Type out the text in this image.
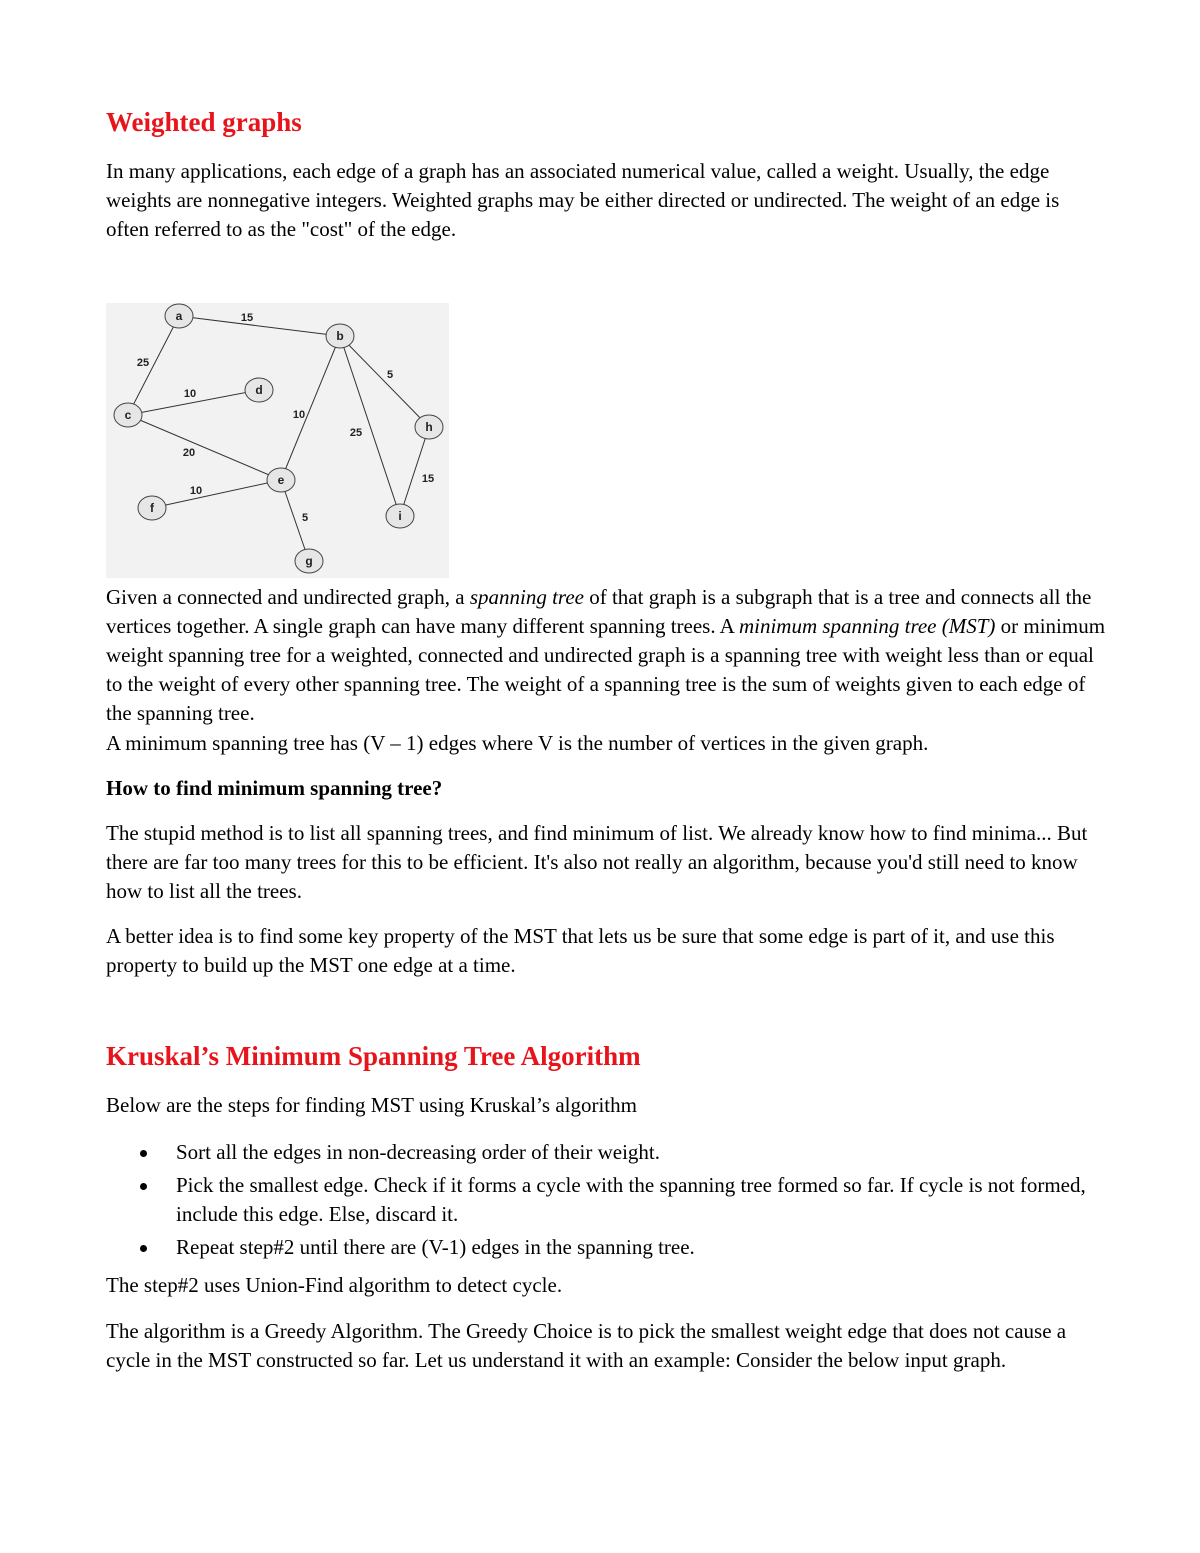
Weighted graphs

In many applications, each edge of a graph has an associated numerical value, called a weight. Usually, the edge weights are nonnegative integers. Weighted graphs may be either directed or undirected. The weight of an edge is often referred to as the "cost" of the edge.

15
25
10
20
10
5
25
15
10
5
a
b
c
d
e
f
g
h
i

Given a connected and undirected graph, a spanning tree of that graph is a subgraph that is a tree and connects all the vertices together. A single graph can have many different spanning trees. A minimum spanning tree (MST) or minimum weight spanning tree for a weighted, connected and undirected graph is a spanning tree with weight less than or equal to the weight of every other spanning tree. The weight of a spanning tree is the sum of weights given to each edge of the spanning tree.

A minimum spanning tree has (V – 1) edges where V is the number of vertices in the given graph.

How to find minimum spanning tree?

The stupid method is to list all spanning trees, and find minimum of list. We already know how to find minima... But there are far too many trees for this to be efficient. It's also not really an algorithm, because you'd still need to know how to list all the trees.

A better idea is to find some key property of the MST that lets us be sure that some edge is part of it, and use this property to build up the MST one edge at a time.

Kruskal’s Minimum Spanning Tree Algorithm

Below are the steps for finding MST using Kruskal’s algorithm

Sort all the edges in non-decreasing order of their weight.
Pick the smallest edge. Check if it forms a cycle with the spanning tree formed so far. If cycle is not formed, include this edge. Else, discard it.
Repeat step#2 until there are (V-1) edges in the spanning tree.

The step#2 uses Union-Find algorithm to detect cycle.

The algorithm is a Greedy Algorithm. The Greedy Choice is to pick the smallest weight edge that does not cause a cycle in the MST constructed so far. Let us understand it with an example: Consider the below input graph.
